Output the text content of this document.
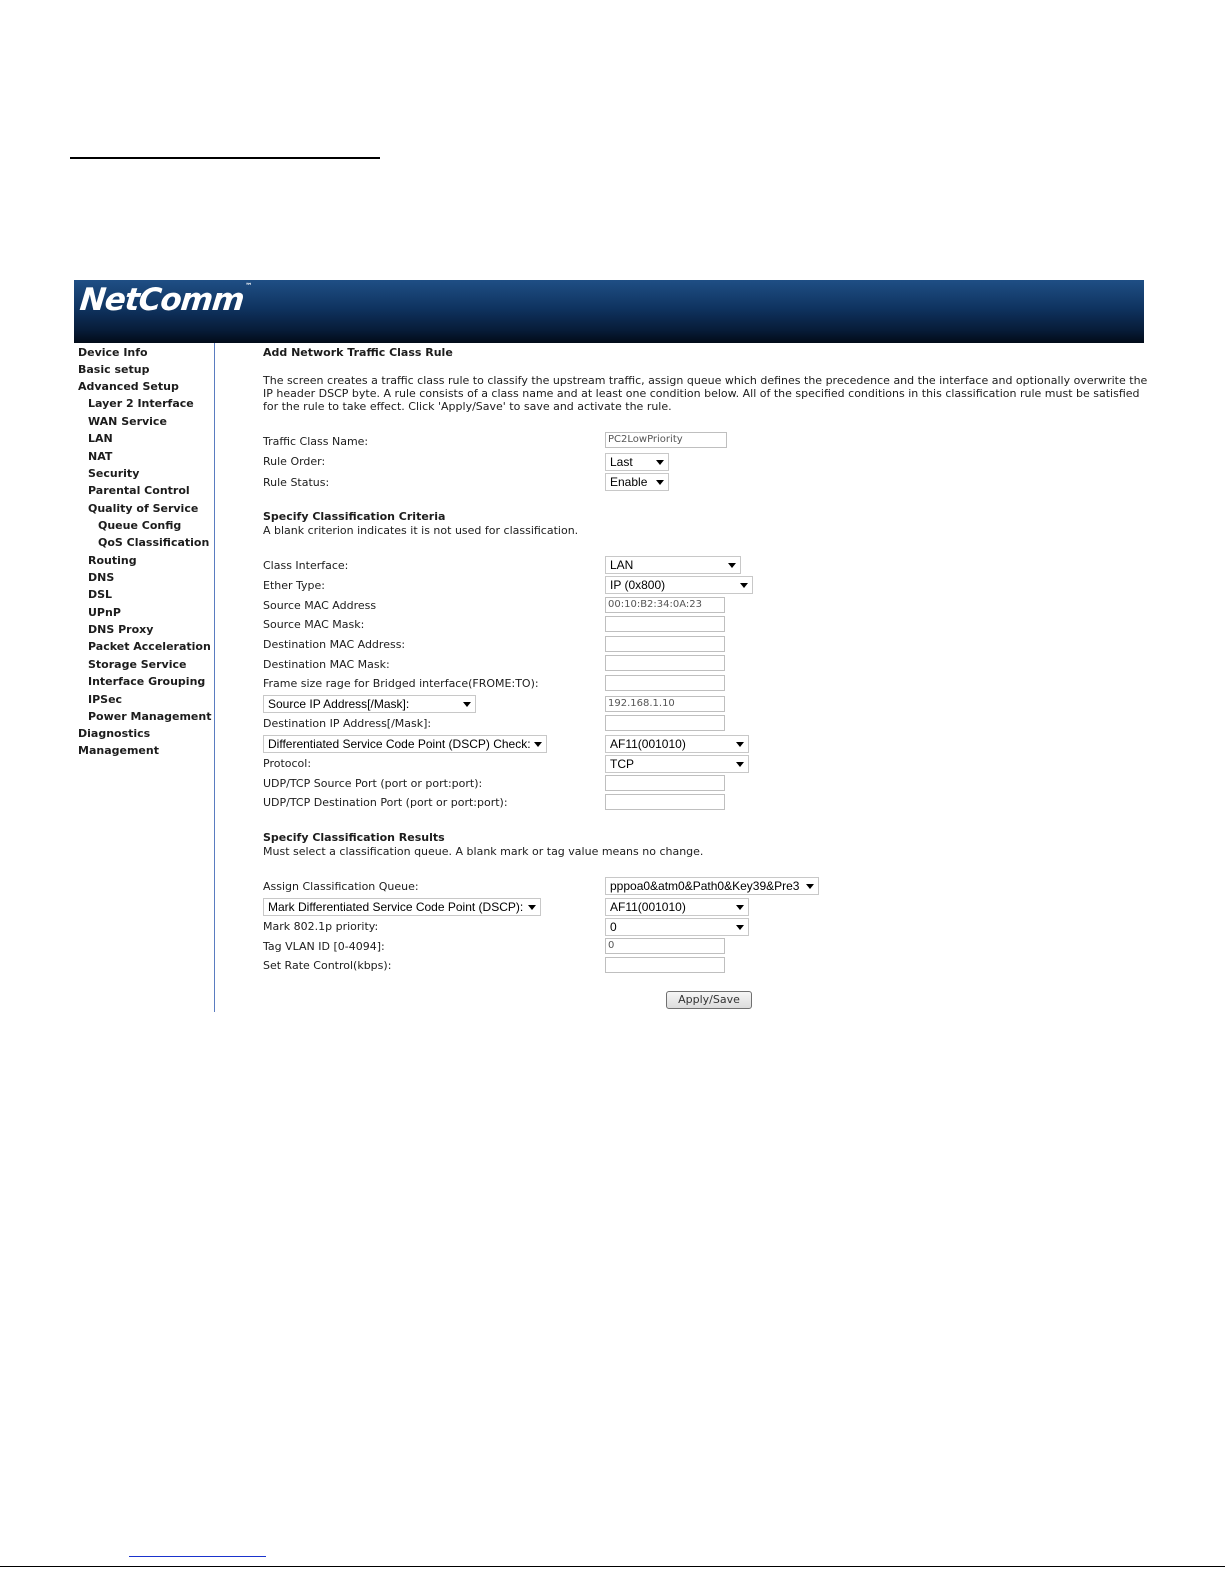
NetComm™
Device Info
Basic setup
Advanced Setup
Layer 2 Interface
WAN Service
LAN
NAT
Security
Parental Control
Quality of Service
Queue Config
QoS Classification
Routing
DNS
DSL
UPnP
DNS Proxy
Packet Acceleration
Storage Service
Interface Grouping
IPSec
Power Management
Diagnostics
Management
Add Network Traffic Class Rule
The screen creates a traffic class rule to classify the upstream traffic, assign queue which defines the precedence and the interface and optionally overwrite the IP header DSCP byte. A rule consists of a class name and at least one condition below. All of the specified conditions in this classification rule must be satisfied for the rule to take effect. Click 'Apply/Save' to save and activate the rule.
Traffic Class Name:	PC2LowPriority
Rule Order:	Last
Rule Status:	Enable
Specify Classification Criteria
A blank criterion indicates it is not used for classification.
Class Interface:	LAN
Ether Type:	IP (0x800)
Source MAC Address	00:10:B2:34:0A:23
Source MAC Mask:
Destination MAC Address:
Destination MAC Mask:
Frame size rage for Bridged interface(FROME:TO):
Source IP Address[/Mask]:	192.168.1.10
Destination IP Address[/Mask]:
Differentiated Service Code Point (DSCP) Check:	AF11(001010)
Protocol:	TCP
UDP/TCP Source Port (port or port:port):
UDP/TCP Destination Port (port or port:port):
Specify Classification Results
Must select a classification queue. A blank mark or tag value means no change.
Assign Classification Queue:	pppoa0&atm0&Path0&Key39&Pre3
Mark Differentiated Service Code Point (DSCP):	AF11(001010)
Mark 802.1p priority:	0
Tag VLAN ID [0-4094]:	0
Set Rate Control(kbps):
Apply/Save
